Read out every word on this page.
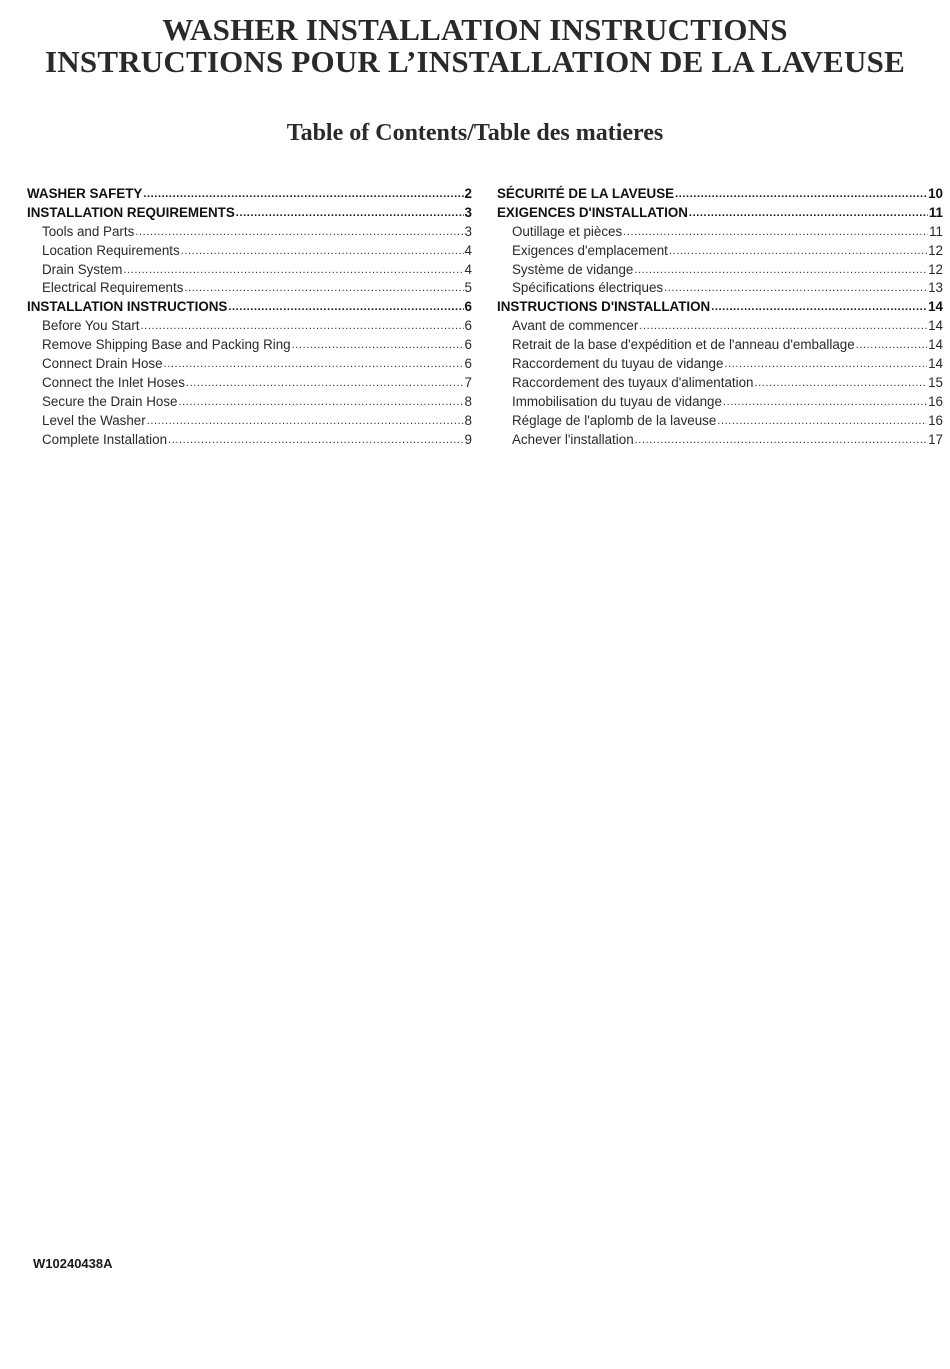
WASHER INSTALLATION INSTRUCTIONS
INSTRUCTIONS POUR L’INSTALLATION DE LA LAVEUSE
Table of Contents/Table des matieres
WASHER SAFETY .....	2
INSTALLATION REQUIREMENTS .....	3
Tools and Parts .....	3
Location Requirements .....	4
Drain System .....	4
Electrical Requirements .....	5
INSTALLATION INSTRUCTIONS .....	6
Before You Start .....	6
Remove Shipping Base and Packing Ring .....	6
Connect Drain Hose .....	6
Connect the Inlet Hoses .....	7
Secure the Drain Hose .....	8
Level the Washer .....	8
Complete Installation .....	9
SÉCURITÉ DE LA LAVEUSE .....	10
EXIGENCES D'INSTALLATION .....	11
Outillage et pièces .....	11
Exigences d'emplacement .....	12
Système de vidange .....	12
Spécifications électriques .....	13
INSTRUCTIONS D'INSTALLATION .....	14
Avant de commencer .....	14
Retrait de la base d'expédition et de l'anneau d'emballage .....	14
Raccordement du tuyau de vidange .....	14
Raccordement des tuyaux d'alimentation .....	15
Immobilisation du tuyau de vidange .....	16
Réglage de l'aplomb de la laveuse .....	16
Achever l'installation .....	17
W10240438A
